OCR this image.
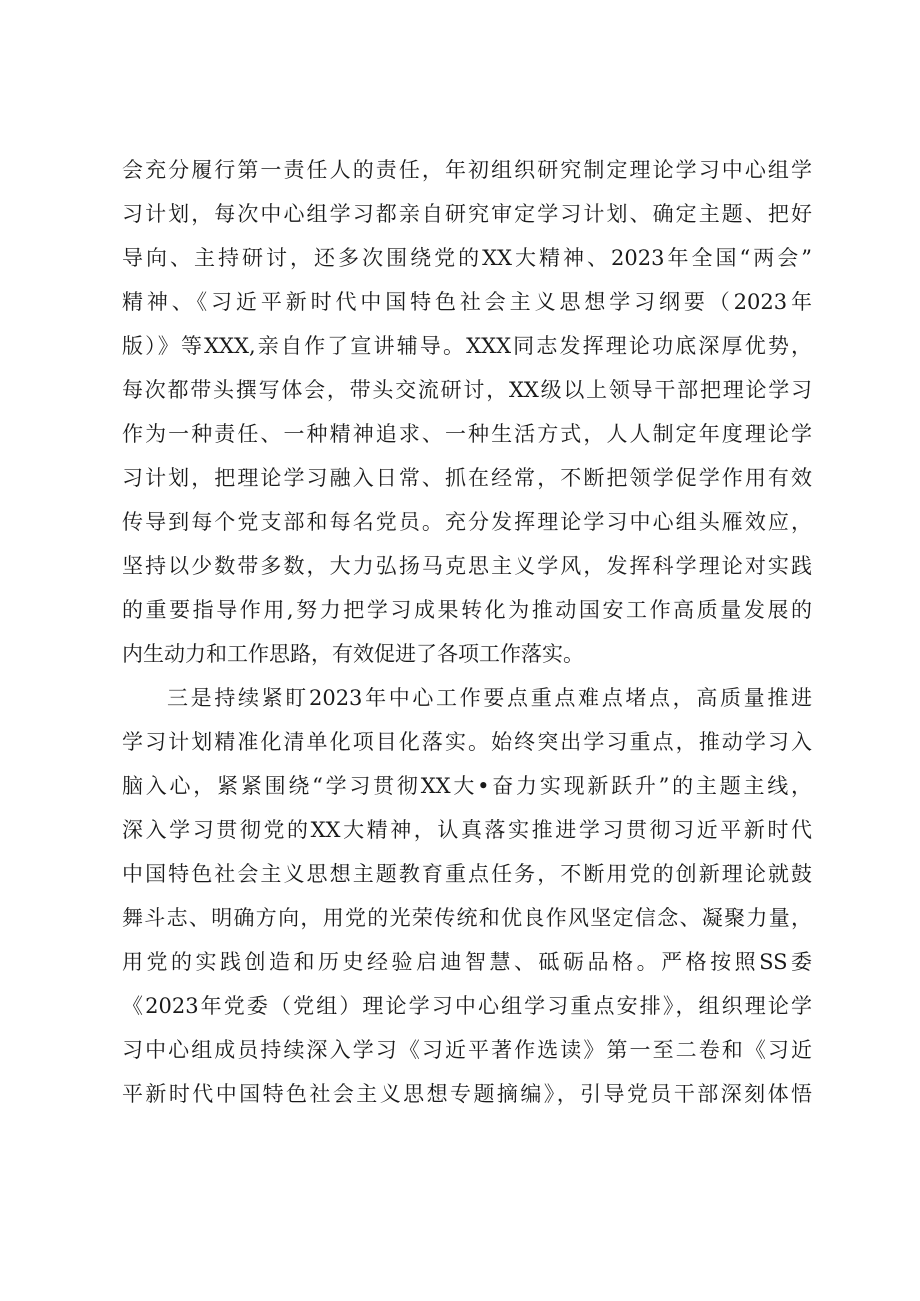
会充分履行第一责任人的责任，年初组织研究制定理论学习中心组学
习计划，每次中心组学习都亲自研究审定学习计划、确定主题、把好
导向、主持研讨，还多次围绕党的XX大精神、2023年全国“两会”
精神、《习近平新时代中国特色社会主义思想学习纲要（2023年
版）》等XXX,亲自作了宣讲辅导。XXX同志发挥理论功底深厚优势，
每次都带头撰写体会，带头交流研讨，XX级以上领导干部把理论学习
作为一种责任、一种精神追求、一种生活方式，人人制定年度理论学
习计划，把理论学习融入日常、抓在经常，不断把领学促学作用有效
传导到每个党支部和每名党员。充分发挥理论学习中心组头雁效应，
坚持以少数带多数，大力弘扬马克思主义学风，发挥科学理论对实践
的重要指导作用,努力把学习成果转化为推动国安工作高质量发展的
内生动力和工作思路，有效促进了各项工作落实。
三是持续紧盯2023年中心工作要点重点难点堵点，高质量推进
学习计划精准化清单化项目化落实。始终突出学习重点，推动学习入
脑入心，紧紧围绕“学习贯彻XX大•奋力实现新跃升”的主题主线，
深入学习贯彻党的XX大精神，认真落实推进学习贯彻习近平新时代
中国特色社会主义思想主题教育重点任务，不断用党的创新理论就鼓
舞斗志、明确方向，用党的光荣传统和优良作风坚定信念、凝聚力量，
用党的实践创造和历史经验启迪智慧、砥砺品格。严格按照SS委
《2023年党委（党组）理论学习中心组学习重点安排》，组织理论学
习中心组成员持续深入学习《习近平著作选读》第一至二卷和《习近
平新时代中国特色社会主义思想专题摘编》，引导党员干部深刻体悟
